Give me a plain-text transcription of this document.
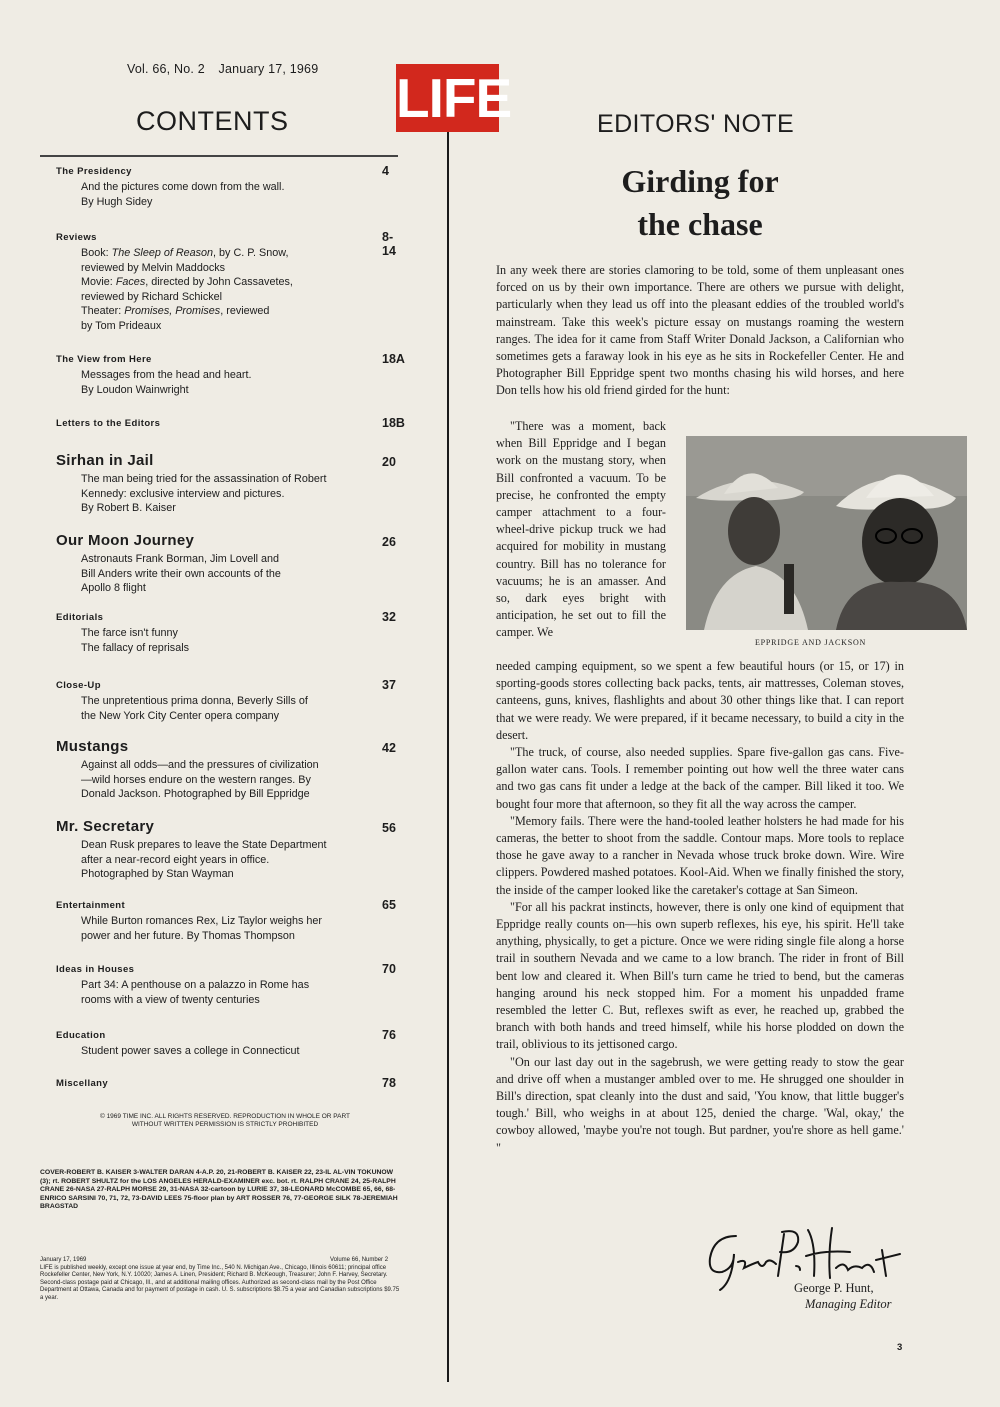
Vol. 66, No. 2 January 17, 1969 LIFE
CONTENTS
The Presidency	4
And the pictures come down from the wall.
By Hugh Sidey
Reviews	8-14
Book: The Sleep of Reason, by C. P. Snow,
reviewed by Melvin Maddocks
Movie: Faces, directed by John Cassavetes,
reviewed by Richard Schickel
Theater: Promises, Promises, reviewed
by Tom Prideaux
The View from Here	18A
Messages from the head and heart.
By Loudon Wainwright
Letters to the Editors	18B
Sirhan in Jail	20
The man being tried for the assassination of Robert
Kennedy: exclusive interview and pictures.
By Robert B. Kaiser
Our Moon Journey	26
Astronauts Frank Borman, Jim Lovell and
Bill Anders write their own accounts of the
Apollo 8 flight
Editorials	32
The farce isn't funny
The fallacy of reprisals
Close-Up	37
The unpretentious prima donna, Beverly Sills of
the New York City Center opera company
Mustangs	42
Against all odds—and the pressures of civilization
—wild horses endure on the western ranges. By
Donald Jackson. Photographed by Bill Eppridge
Mr. Secretary	56
Dean Rusk prepares to leave the State Department
after a near-record eight years in office.
Photographed by Stan Wayman
Entertainment	65
While Burton romances Rex, Liz Taylor weighs her
power and her future. By Thomas Thompson
Ideas in Houses	70
Part 34: A penthouse on a palazzo in Rome has
rooms with a view of twenty centuries
Education	76
Student power saves a college in Connecticut
Miscellany	78
© 1969 TIME INC. ALL RIGHTS RESERVED. REPRODUCTION IN WHOLE OR PART WITHOUT WRITTEN PERMISSION IS STRICTLY PROHIBITED
COVER-ROBERT B. KAISER 3-WALTER DARAN 4-A.P. 20, 21-ROBERT B. KAISER 22, 23-IL AL-VIN TOKUNOW (3); rt. ROBERT SHULTZ for the LOS ANGELES HERALD-EXAMINER exc. bot. rt. RALPH CRANE 24, 25-RALPH CRANE 26-NASA 27-RALPH MORSE 29, 31-NASA 32-cartoon by LURIE 37, 38-LEONARD McCOMBE 65, 66, 68-ENRICO SARSINI 70, 71, 72, 73-DAVID LEES 75-floor plan by ART ROSSER 76, 77-GEORGE SILK 78-JEREMIAH BRAGSTAD
January 17, 1969	Volume 66, Number 2
LIFE is published weekly, except one issue at year end, by Time Inc., 540 N. Michigan Ave., Chicago, Illinois 60611; principal office Rockefeller Center, New York, N.Y. 10020; James A. Linen, President; Richard B. McKeough, Treasurer; John F. Harvey, Secretary. Second-class postage paid at Chicago, Ill., and at additional mailing offices. Authorized as second-class mail by the Post Office Department at Ottawa, Canada and for payment of postage in cash. U. S. subscriptions $8.75 a year and Canadian subscriptions $9.75 a year.
EDITORS' NOTE
Girding for
the chase
In any week there are stories clamoring to be told, some of them unpleasant ones forced on us by their own importance. There are others we pursue with delight, particularly when they lead us off into the pleasant eddies of the troubled world's mainstream. Take this week's picture essay on mustangs roaming the western ranges. The idea for it came from Staff Writer Donald Jackson, a Californian who sometimes gets a faraway look in his eye as he sits in Rockefeller Center. He and Photographer Bill Eppridge spent two months chasing his wild horses, and here Don tells how his old friend girded for the hunt:
"There was a moment, back when Bill Eppridge and I began work on the mustang story, when Bill confronted a vacuum. To be precise, he confronted the empty camper attachment to a four-wheel-drive pickup truck we had acquired for mobility in mustang country. Bill has no tolerance for vacuums; he is an amasser. And so, dark eyes bright with anticipation, he set out to fill the camper. We
EPPRIDGE AND JACKSON
needed camping equipment, so we spent a few beautiful hours (or 15, or 17) in sporting-goods stores collecting back packs, tents, air mattresses, Coleman stoves, canteens, guns, knives, flashlights and about 30 other things like that. I can report that we were ready. We were prepared, if it became necessary, to build a city in the desert.
"The truck, of course, also needed supplies. Spare five-gallon gas cans. Five-gallon water cans. Tools. I remember pointing out how well the three water cans and two gas cans fit under a ledge at the back of the camper. Bill liked it too. We bought four more that afternoon, so they fit all the way across the camper.
"Memory fails. There were the hand-tooled leather holsters he had made for his cameras, the better to shoot from the saddle. Contour maps. More tools to replace those he gave away to a rancher in Nevada whose truck broke down. Wire. Wire clippers. Powdered mashed potatoes. Kool-Aid. When we finally finished the story, the inside of the camper looked like the caretaker's cottage at San Simeon.
"For all his packrat instincts, however, there is only one kind of equipment that Eppridge really counts on—his own superb reflexes, his eye, his spirit. He'll take anything, physically, to get a picture. Once we were riding single file along a horse trail in southern Nevada and we came to a low branch. The rider in front of Bill bent low and cleared it. When Bill's turn came he tried to bend, but the cameras hanging around his neck stopped him. For a moment his unpadded frame resembled the letter C. But, reflexes swift as ever, he reached up, grabbed the branch with both hands and treed himself, while his horse plodded on down the trail, oblivious to its jettisoned cargo.
"On our last day out in the sagebrush, we were getting ready to stow the gear and drive off when a mustanger ambled over to me. He shrugged one shoulder in Bill's direction, spat cleanly into the dust and said, 'You know, that little bugger's tough.' Bill, who weighs in at about 125, denied the charge. 'Wal, okay,' the cowboy allowed, 'maybe you're not tough. But pardner, you're shore as hell game.' "
George P. Hunt,
Managing Editor
3
